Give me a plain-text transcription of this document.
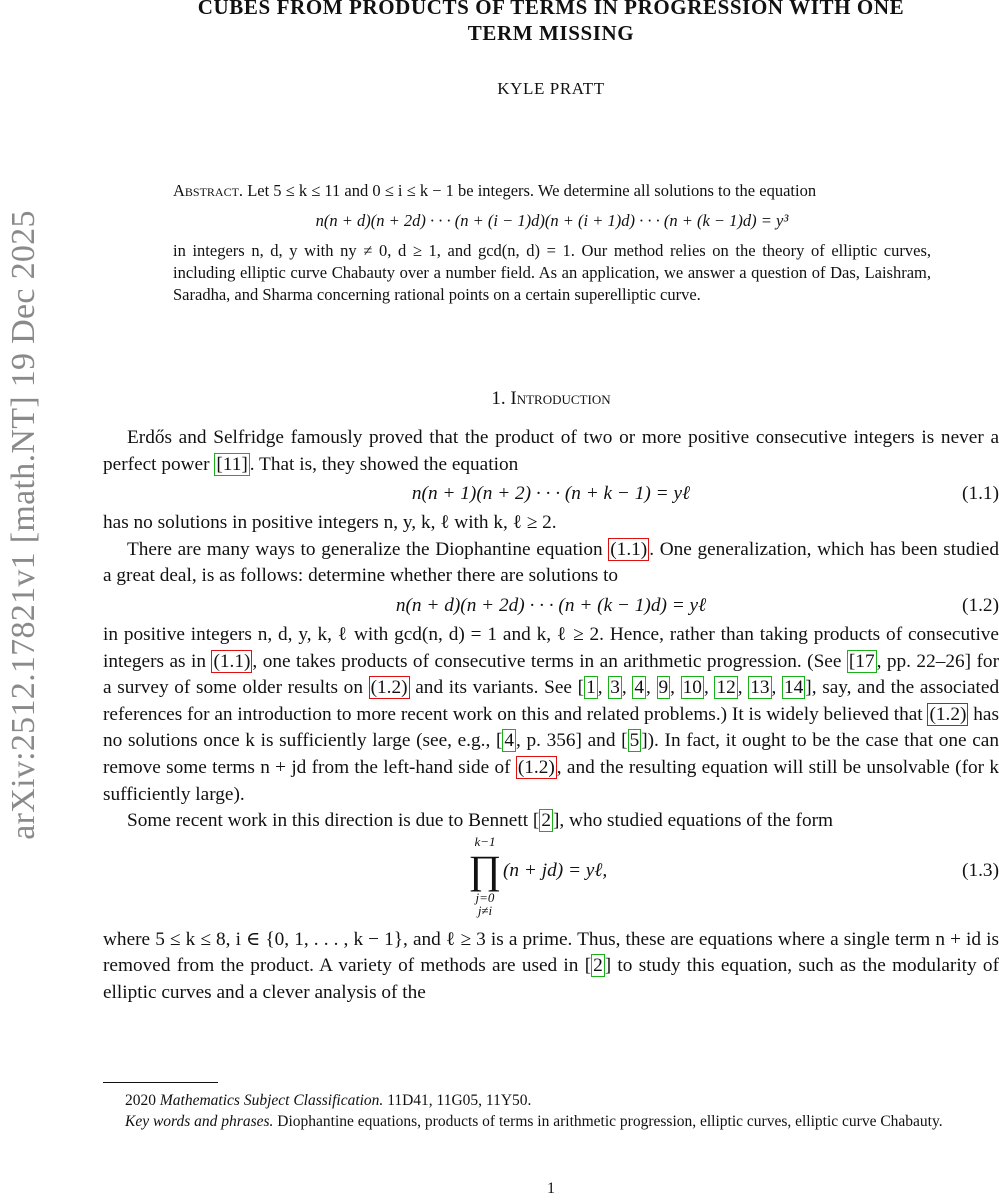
arXiv:2512.17821v1 [math.NT] 19 Dec 2025
CUBES FROM PRODUCTS OF TERMS IN PROGRESSION WITH ONE
TERM MISSING
KYLE PRATT
Abstract. Let 5 ≤ k ≤ 11 and 0 ≤ i ≤ k − 1 be integers. We determine all solutions to the equation
n(n + d)(n + 2d) · · · (n + (i − 1)d)(n + (i + 1)d) · · · (n + (k − 1)d) = y³
in integers n, d, y with ny ≠ 0, d ≥ 1, and gcd(n, d) = 1. Our method relies on the theory of elliptic curves, including elliptic curve Chabauty over a number field. As an application, we answer a question of Das, Laishram, Saradha, and Sharma concerning rational points on a certain superelliptic curve.
1. Introduction

Erdős and Selfridge famously proved that the product of two or more positive consecutive integers is never a perfect power [11] . That is, they showed the equation

n(n + 1)(n + 2) · · · (n + k − 1) = yℓ	(1.1)

has no solutions in positive integers n, y, k, ℓ with k, ℓ ≥ 2.

There are many ways to generalize the Diophantine equation (1.1) . One generalization, which has been studied a great deal, is as follows: determine whether there are solutions to

n(n + d)(n + 2d) · · · (n + (k − 1)d) = yℓ	(1.2)

in positive integers n, d, y, k, ℓ with gcd(n, d) = 1 and k, ℓ ≥ 2. Hence, rather than taking products of consecutive integers as in (1.1) , one takes products of consecutive terms in an arithmetic progression. (See [17 , pp. 22–26] for a survey of some older results on (1.2) and its variants. See [ 1 , 3 , 4 , 9 , 10 , 12 , 13 , 14 ], say, and the associated references for an introduction to more recent work on this and related problems.) It is widely believed that (1.2) has no solutions once k is sufficiently large (see, e.g., [ 4 , p. 356] and [ 5 ]). In fact, it ought to be the case that one can remove some terms n + jd from the left-hand side of (1.2) , and the resulting equation will still be unsolvable (for k sufficiently large).

Some recent work in this direction is due to Bennett [ 2 ], who studied equations of the form

k−1
∏
j=0
j≠i
(n + jd) = yℓ,	(1.3)

where 5 ≤ k ≤ 8, i ∈ {0, 1, . . . , k − 1}, and ℓ ≥ 3 is a prime. Thus, these are equations where a single term n + id is removed from the product. A variety of methods are used in [ 2 ] to study this equation, such as the modularity of elliptic curves and a clever analysis of the

2020 Mathematics Subject Classification. 11D41, 11G05, 11Y50.

Key words and phrases. Diophantine equations, products of terms in arithmetic progression, elliptic curves, elliptic curve Chabauty.

1
